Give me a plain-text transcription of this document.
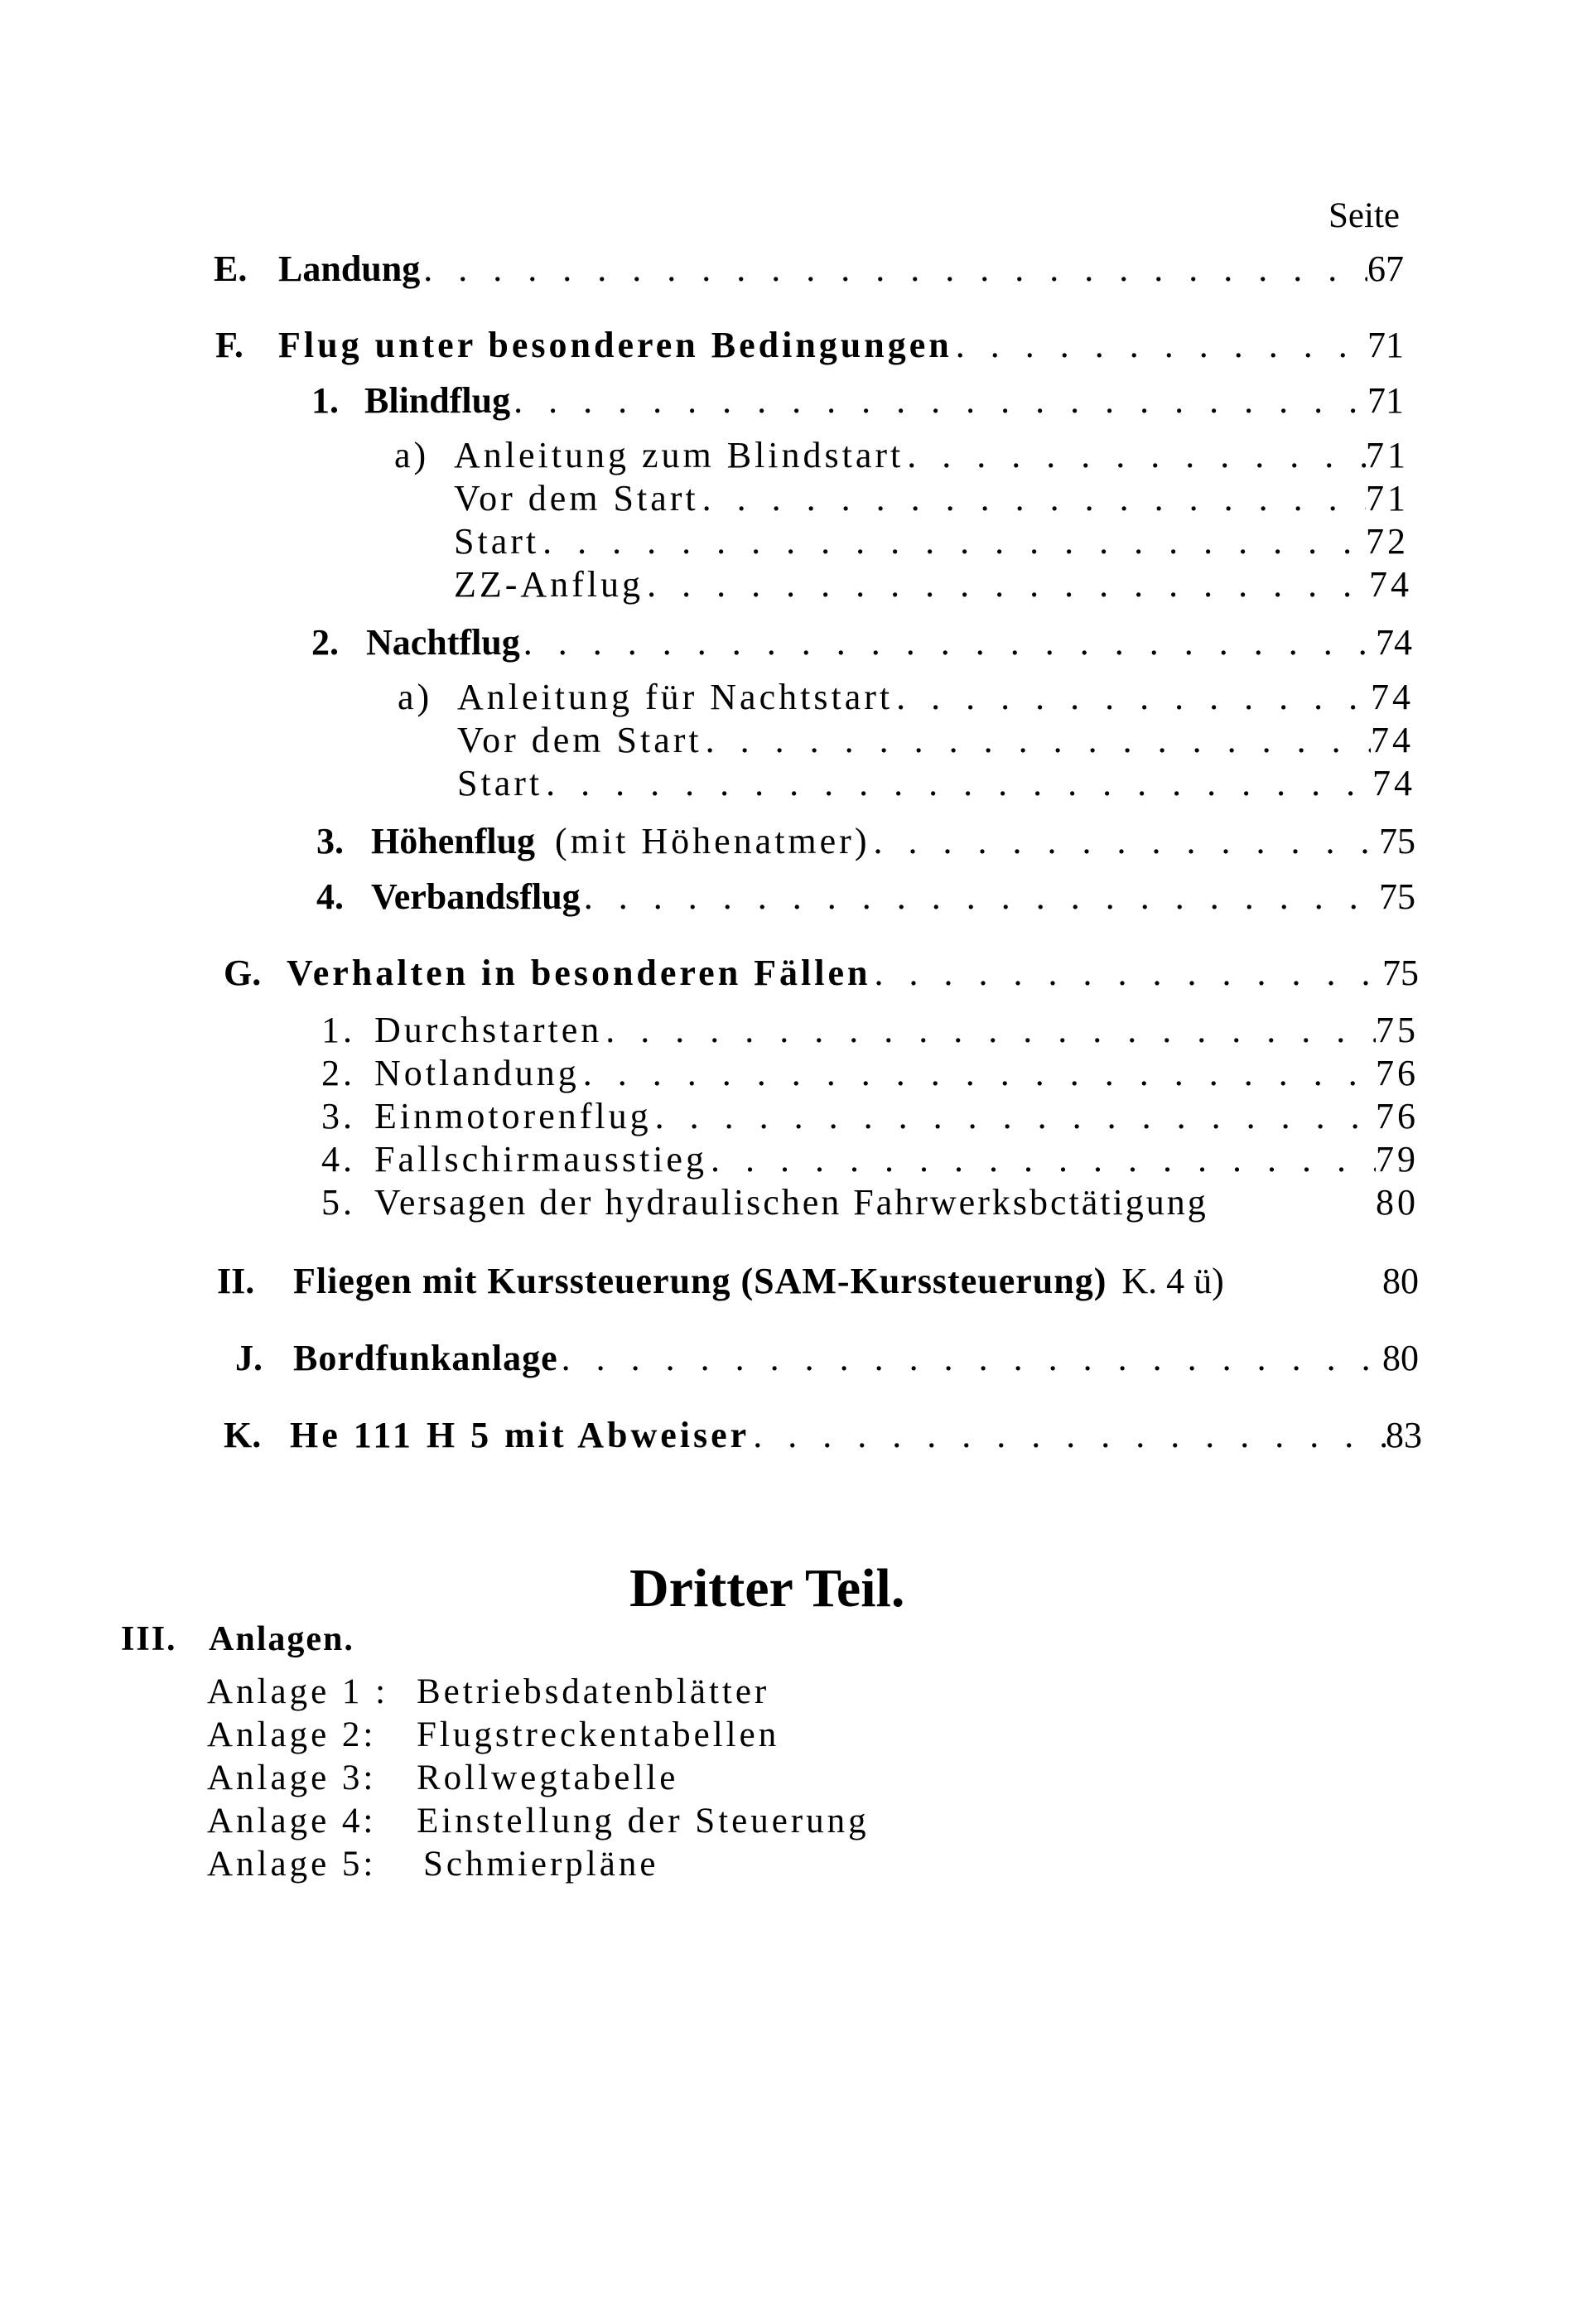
Seite
E. Landung . . .	67
F. Flug unter besonderen Bedingungen . . .	71
1. Blindflug . . .	71
a) Anleitung zum Blindstart . . .	71
Vor dem Start . . .	71
Start . . .	72
ZZ-Anflug . . .	74
2. Nachtflug . . .	74
a) Anleitung für Nachtstart . . .	74
Vor dem Start . . .	74
Start . . .	74
3. Höhenflug (mit Höhenatmer) . . .	75
4. Verbandsflug . . .	75
G. Verhalten in besonderen Fällen . . .	75
1. Durchstarten . . .	75
2. Notlandung . . .	76
3. Einmotorenflug . . .	76
4. Fallschirmausstieg . . .	79
5. Versagen der hydraulischen Fahrwerksbctätigung	80
II.	Fliegen mit Kurssteuerung (SAM-Kurssteuerung) K. 4 ü)	80
J. Bordfunkanlage . . .	80
K. He 111 H 5 mit Abweiser . . .	83
Dritter Teil.
III. Anlagen.
Anlage 1 : Betriebsdatenblätter
Anlage 2: Flugstreckentabellen
Anlage 3: Rollwegtabelle
Anlage 4: Einstellung der Steuerung
Anlage 5: Schmierpläne
